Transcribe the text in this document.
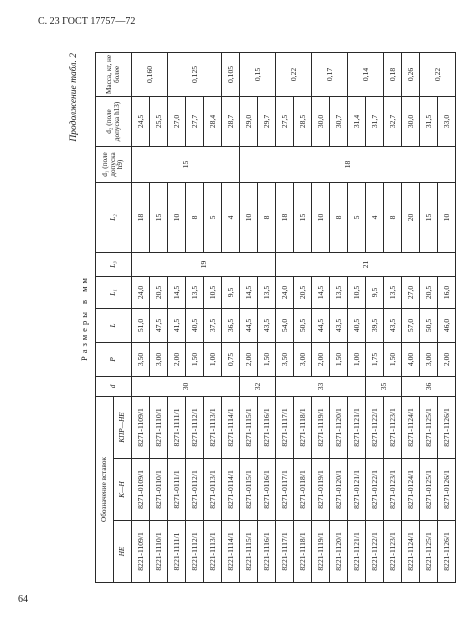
С. 23 ГОСТ 17757—72
64
Продолжение табл. 2
Размеры в мм
Обозначение вставок			d	P	L	L₁	L₃	L₂	d₁ (поле допуска h9)	d₂ (поле допуска h13)	Масса, кг, не более
НЕ	К—Н	КПР—НЕ									
8221-1109/1	8271-0109/1	8271-1109/1	30	3,50	51,0	24,0	19	18	15	24,5	0,160
8221-1110/1	8271-0110/1	8271-1110/1		3,00	47,5	20,5		15		25,5	
8221-1111/1	8271-0111/1	8271-1111/1		2,00	41,5	14,5		10		27,0	0,125
8221-1112/1	8271-0112/1	8271-1112/1		1,50	40,5	13,5		8		27,7	
8221-1113/1	8271-0113/1	8271-1113/1		1,00	37,5	10,5		5		28,4	
8221-1114/1	8271-0114/1	8271-1114/1		0,75	36,5	9,5		4		28,7	0,105
8221-1115/1	8271-0115/1	8271-1115/1	32	2,00	44,5	14,5		10	18	29,0	0,15
8221-1116/1	8271-0116/1	8271-1116/1		1,50	43,5	13,5		8		29,7	
8221-1117/1	8271-0117/1	8271-1117/1	33	3,50	54,0	24,0	21	18		27,5	0,22
8221-1118/1	8271-0118/1	8271-1118/1		3,00	50,5	20,5		15		28,5	
8221-1119/1	8271-0119/1	8271-1119/1		2,00	44,5	14,5		10		30,0	0,17
8221-1120/1	8271-0120/1	8271-1120/1		1,50	43,5	13,5		8		30,7	
8221-1121/1	8271-0121/1	8271-1121/1		1,00	40,5	10,5		5		31,4	0,14
8221-1122/1	8271-0122/1	8271-1122/1	35	1,75	39,5	9,5		4		31,7	
8221-1123/1	8271-0123/1	8271-1123/1		1,50	43,5	13,5		8		32,7	0,18
8221-1124/1	8271-0124/1	8271-1124/1	36	4,00	57,0	27,0		20		30,0	0,26
8221-1125/1	8271-0125/1	8271-1125/1		3,00	50,5	20,5		15		31,5	0,22
8221-1126/1	8271-0126/1	8271-1126/1		2,00	46,0	16,0		10		33,0	
